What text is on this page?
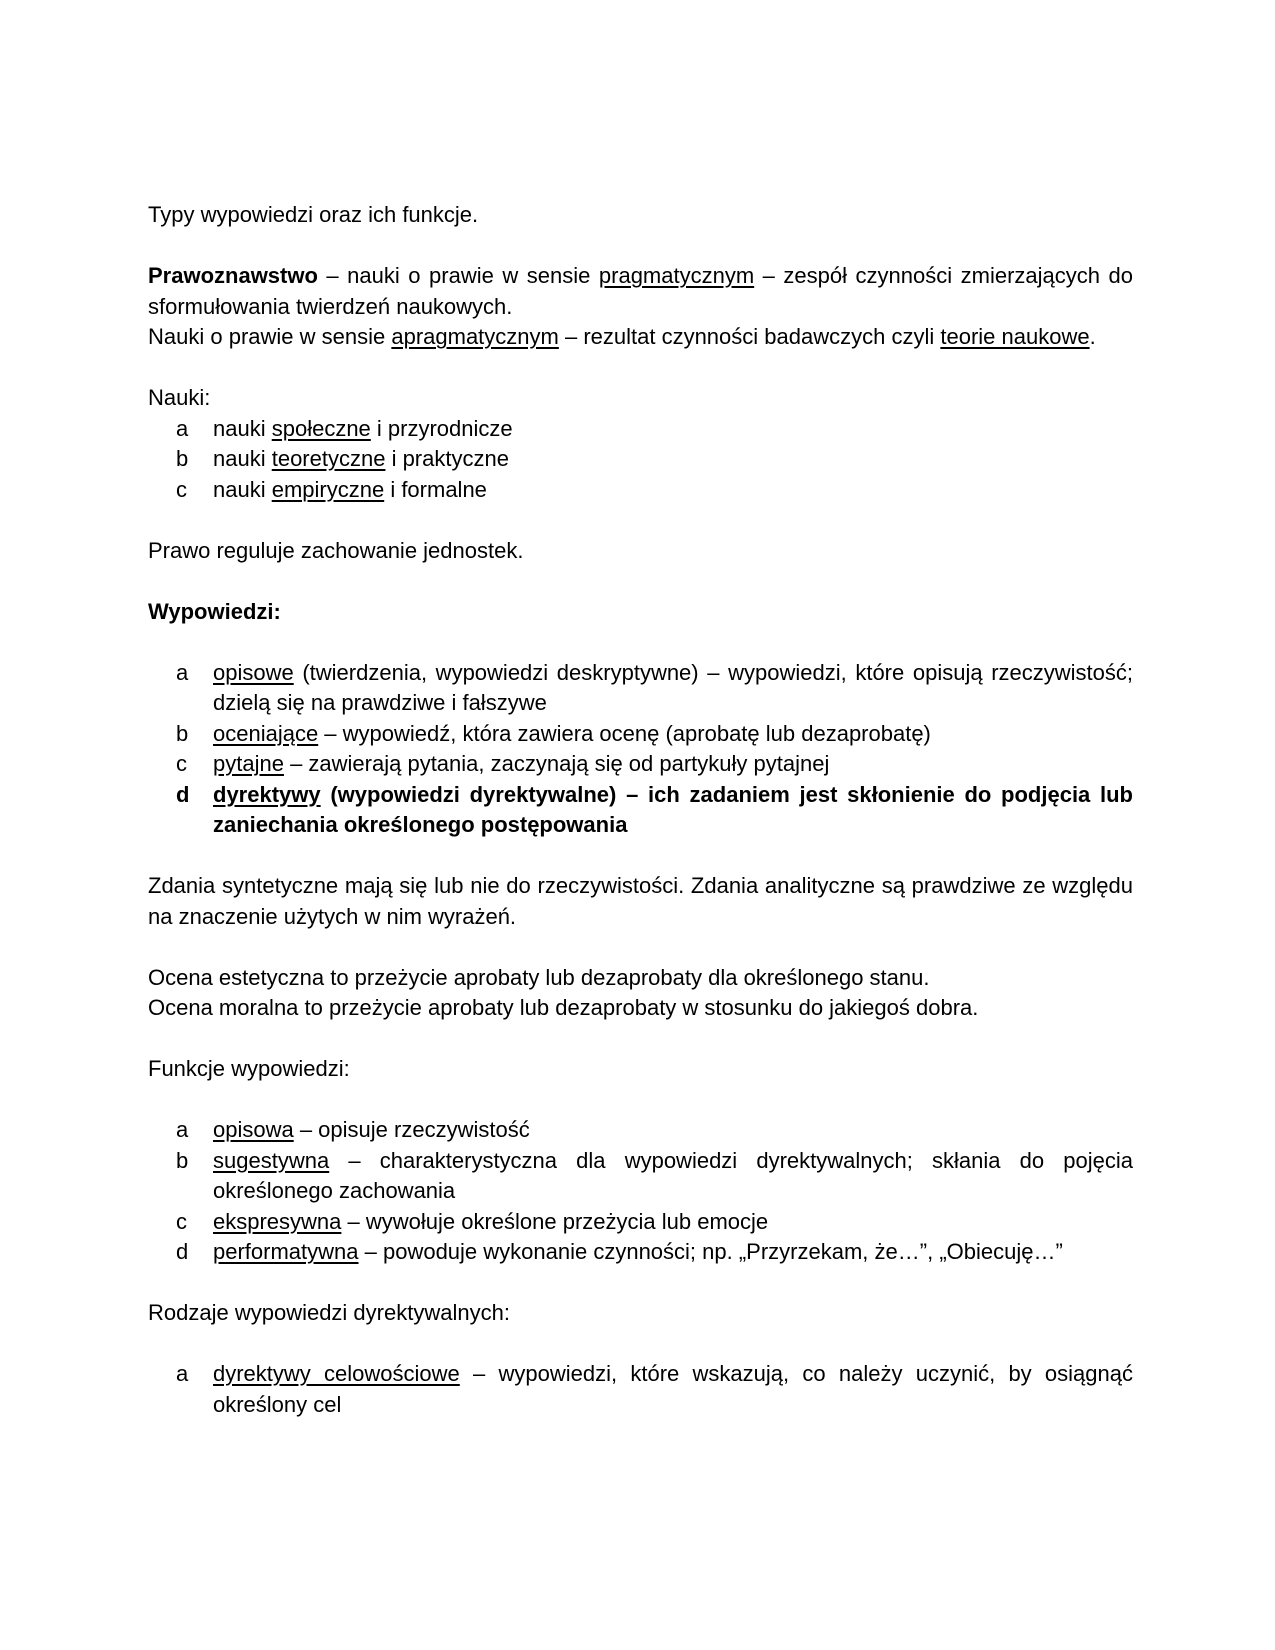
Typy wypowiedzi oraz ich funkcje.

Prawoznawstwo – nauki o prawie w sensie pragmatycznym – zespół czynności zmierzających do sformułowania twierdzeń naukowych.

Nauki o prawie w sensie apragmatycznym – rezultat czynności badawczych czyli teorie naukowe.

Nauki:

a	nauki społeczne i przyrodnicze
b	nauki teoretyczne i praktyczne
c	nauki empiryczne i formalne

Prawo reguluje zachowanie jednostek.

Wypowiedzi:

a	opisowe (twierdzenia, wypowiedzi deskryptywne) – wypowiedzi, które opisują rzeczywistość; dzielą się na prawdziwe i fałszywe
b	oceniające – wypowiedź, która zawiera ocenę (aprobatę lub dezaprobatę)
c	pytajne – zawierają pytania, zaczynają się od partykuły pytajnej
d	dyrektywy (wypowiedzi dyrektywalne) – ich zadaniem jest skłonienie do podjęcia lub zaniechania określonego postępowania

Zdania syntetyczne mają się lub nie do rzeczywistości. Zdania analityczne są prawdziwe ze względu na znaczenie użytych w nim wyrażeń.

Ocena estetyczna to przeżycie aprobaty lub dezaprobaty dla określonego stanu.

Ocena moralna to przeżycie aprobaty lub dezaprobaty w stosunku do jakiegoś dobra.

Funkcje wypowiedzi:

a	opisowa – opisuje rzeczywistość
b	sugestywna – charakterystyczna dla wypowiedzi dyrektywalnych; skłania do pojęcia określonego zachowania
c	ekspresywna – wywołuje określone przeżycia lub emocje
d	performatywna – powoduje wykonanie czynności; np. „Przyrzekam, że…”, „Obiecuję…”

Rodzaje wypowiedzi dyrektywalnych:

a	dyrektywy celowościowe – wypowiedzi, które wskazują, co należy uczynić, by osiągnąć określony cel
